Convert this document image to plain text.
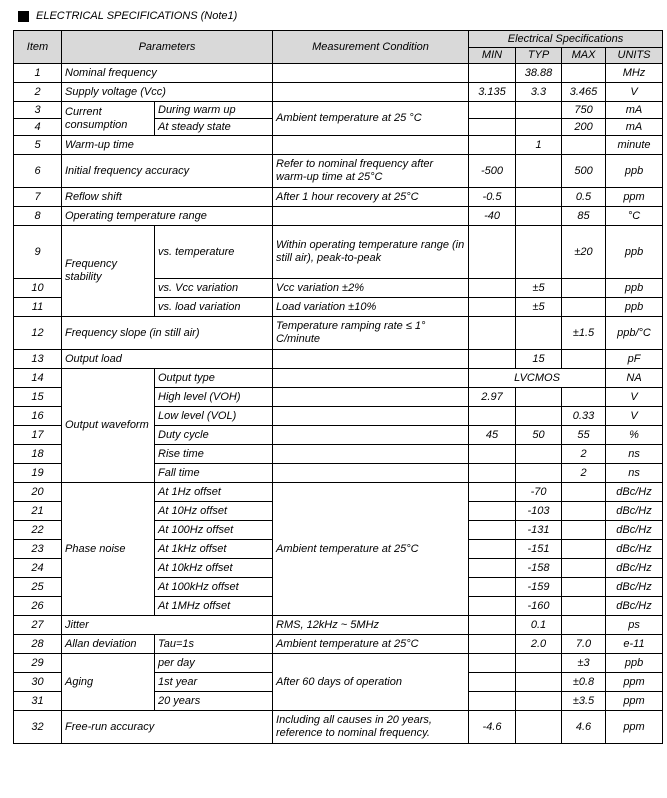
ELECTRICAL SPECIFICATIONS (Note1)
Item	Parameters		Measurement Condition	Electrical Specifications			
				MIN	TYP	MAX	UNITS
1	Nominal frequency				38.88		MHz
2	Supply voltage (Vcc)			3.135	3.3	3.465	V
3	Current consumption	During warm up	Ambient temperature at 25 °C			750	mA
4		At steady state				200	mA
5	Warm-up time				1		minute
6	Initial frequency accuracy		Refer to nominal frequency after warm-up time at 25°C	-500		500	ppb
7	Reflow shift		After 1 hour recovery at 25°C	-0.5		0.5	ppm
8	Operating temperature range			-40		85	°C
9	Frequency stability	vs. temperature	Within operating temperature range (in still air), peak-to-peak			±20	ppb
10		vs. Vcc variation	Vcc variation ±2%		±5		ppb
11		vs. load variation	Load variation ±10%		±5		ppb
12	Frequency slope (in still air)		Temperature ramping rate ≤ 1° C/minute			±1.5	ppb/°C
13	Output load				15		pF
14	Output waveform	Output type		LVCMOS			NA
15		High level (VOH)		2.97			V
16		Low level (VOL)				0.33	V
17		Duty cycle		45	50	55	%
18		Rise time				2	ns
19		Fall time				2	ns
20	Phase noise	At 1Hz offset	Ambient temperature at 25°C		-70		dBc/Hz
21		At 10Hz offset			-103		dBc/Hz
22		At 100Hz offset			-131		dBc/Hz
23		At 1kHz offset			-151		dBc/Hz
24		At 10kHz offset			-158		dBc/Hz
25		At 100kHz offset			-159		dBc/Hz
26		At 1MHz offset			-160		dBc/Hz
27	Jitter		RMS, 12kHz ~ 5MHz		0.1		ps
28	Allan deviation	Tau=1s	Ambient temperature at 25°C		2.0	7.0	e-11
29	Aging	per day	After 60 days of operation			±3	ppb
30		1st year				±0.8	ppm
31		20 years				±3.5	ppm
32	Free-run accuracy		Including all causes in 20 years, reference to nominal frequency.	-4.6		4.6	ppm
